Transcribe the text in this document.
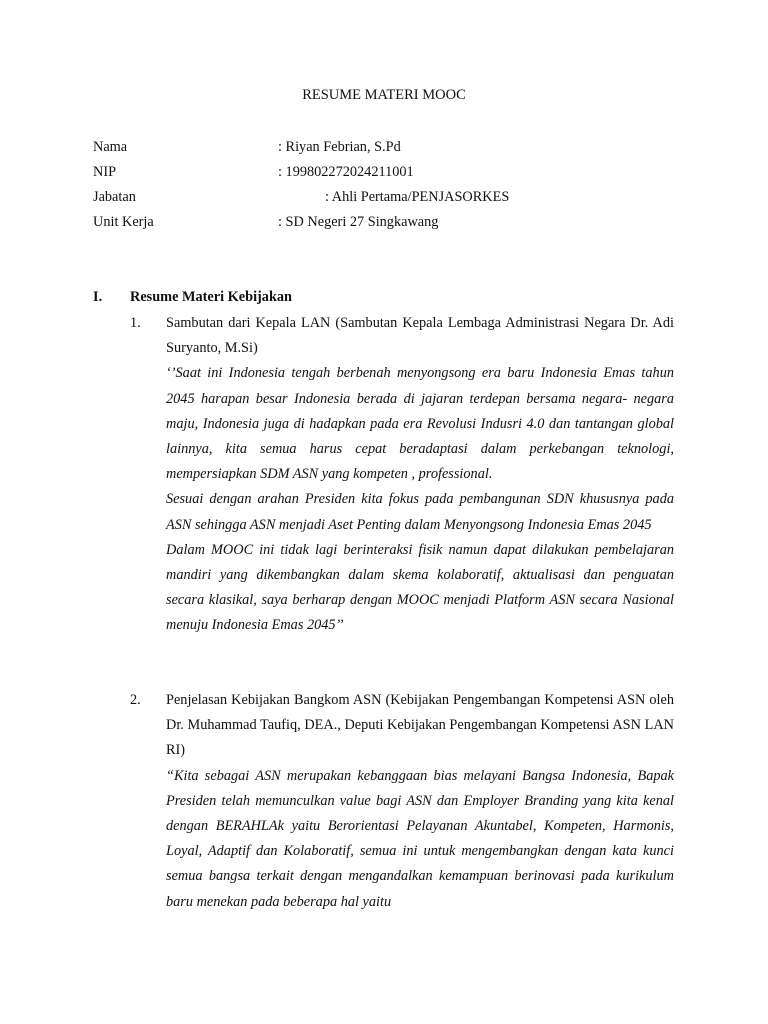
RESUME MATERI MOOC
Nama	: Riyan Febrian, S.Pd
NIP	: 199802272024211001
Jabatan	: Ahli Pertama/PENJASORKES
Unit Kerja	: SD Negeri 27 Singkawang
I. Resume Materi Kebijakan
1. Sambutan dari Kepala LAN (Sambutan Kepala Lembaga Administrasi Negara Dr. Adi Suryanto, M.Si)

‘’Saat ini Indonesia tengah berbenah menyongsong era baru Indonesia Emas tahun 2045 harapan besar Indonesia berada di jajaran terdepan bersama negara- negara maju, Indonesia juga di hadapkan pada era Revolusi Indusri 4.0 dan tantangan global lainnya, kita semua harus cepat beradaptasi dalam perkebangan teknologi, mempersiapkan SDM ASN yang kompeten , professional.

Sesuai dengan arahan Presiden kita fokus pada pembangunan SDN khususnya pada ASN sehingga ASN menjadi Aset Penting dalam Menyongsong Indonesia Emas 2045

Dalam MOOC ini tidak lagi berinteraksi fisik namun dapat dilakukan pembelajaran mandiri yang dikembangkan dalam skema kolaboratif, aktualisasi dan penguatan secara klasikal, saya berharap dengan MOOC menjadi Platform ASN secara Nasional menuju Indonesia Emas 2045’’

2. Penjelasan Kebijakan Bangkom ASN (Kebijakan Pengembangan Kompetensi ASN oleh Dr. Muhammad Taufiq, DEA., Deputi Kebijakan Pengembangan Kompetensi ASN LAN RI)

“Kita sebagai ASN merupakan kebanggaan bias melayani Bangsa Indonesia, Bapak Presiden telah memunculkan value bagi ASN dan Employer Branding yang kita kenal dengan BERAHLAk yaitu Berorientasi Pelayanan Akuntabel, Kompeten, Harmonis, Loyal, Adaptif dan Kolaboratif, semua ini untuk mengembangkan dengan kata kunci semua bangsa terkait dengan mengandalkan kemampuan berinovasi pada kurikulum baru menekan pada beberapa hal yaitu
